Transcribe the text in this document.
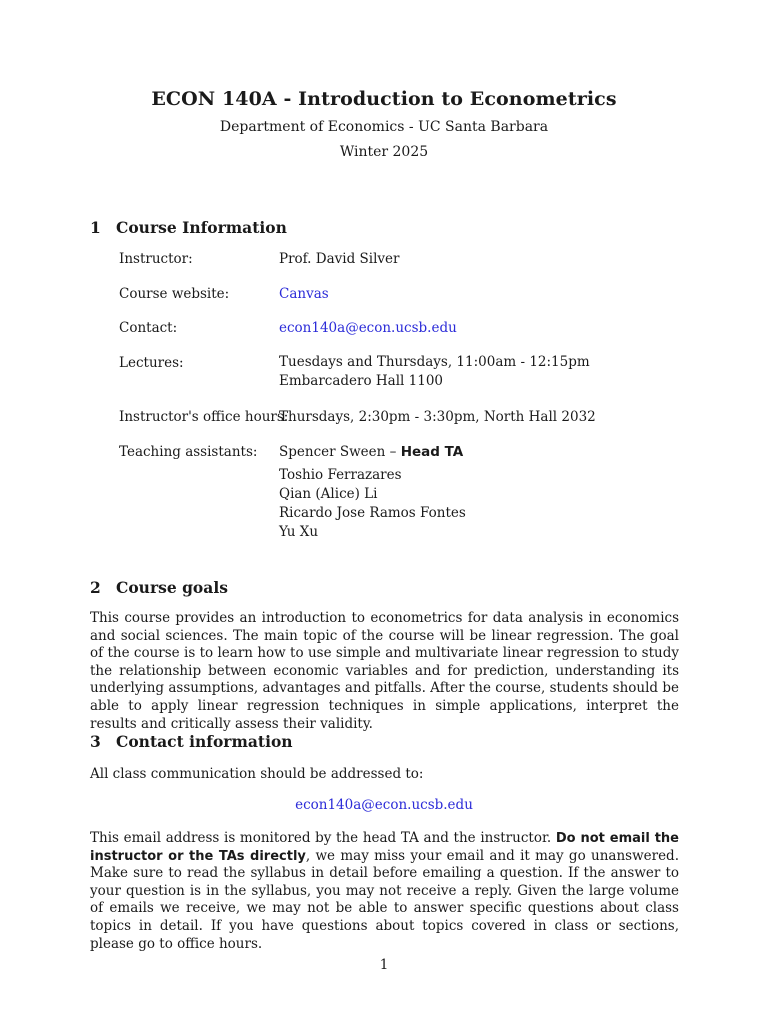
ECON 140A - Introduction to Econometrics
Department of Economics - UC Santa Barbara
Winter 2025
1 Course Information
Instructor:	Prof. David Silver
Course website:	Canvas
Contact:	econ140a@econ.ucsb.edu
Lectures:	Tuesdays and Thursdays, 11:00am - 12:15pm
Embarcadero Hall 1100
Instructor's office hours:
Thursdays, 2:30pm - 3:30pm, North Hall 2032
Teaching assistants: Spencer Sween – Head TA
Toshio Ferrazares
Qian (Alice) Li
Ricardo Jose Ramos Fontes
Yu Xu
2 Course goals
This course provides an introduction to econometrics for data analysis in economics and social sciences. The main topic of the course will be linear regression. The goal of the course is to learn how to use simple and multivariate linear regression to study the relationship between economic variables and for prediction, understanding its underlying assumptions, advantages and pitfalls. After the course, students should be able to apply linear regression techniques in simple applications, interpret the results and critically assess their validity.
3 Contact information
All class communication should be addressed to:
econ140a@econ.ucsb.edu
This email address is monitored by the head TA and the instructor. Do not email the instructor or the TAs directly, we may miss your email and it may go unanswered. Make sure to read the syllabus in detail before emailing a question. If the answer to your question is in the syllabus, you may not receive a reply. Given the large volume of emails we receive, we may not be able to answer specific questions about class topics in detail. If you have questions about topics covered in class or sections, please go to office hours.
1
